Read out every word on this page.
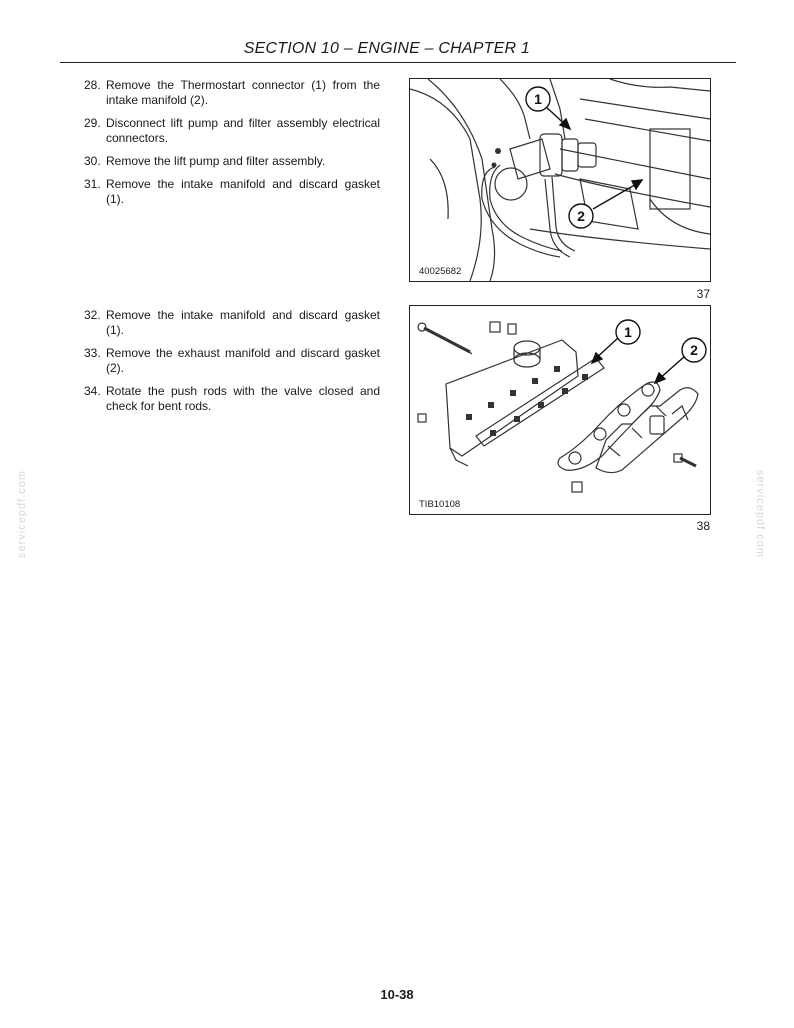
SECTION 10 – ENGINE – CHAPTER 1
28. Remove the Thermostart connector (1) from the intake manifold (2).
29. Disconnect lift pump and filter assembly electrical connectors.
30. Remove the lift pump and filter assembly.
31. Remove the intake manifold and discard gasket (1).
1
2
40025682
37
32. Remove the intake manifold and discard gasket (1).
33. Remove the exhaust manifold and discard gasket (2).
34. Rotate the push rods with the valve closed and check for bent rods.
1
2
TIB10108
38
servicepdf.com	servicepdf.com
10-38
